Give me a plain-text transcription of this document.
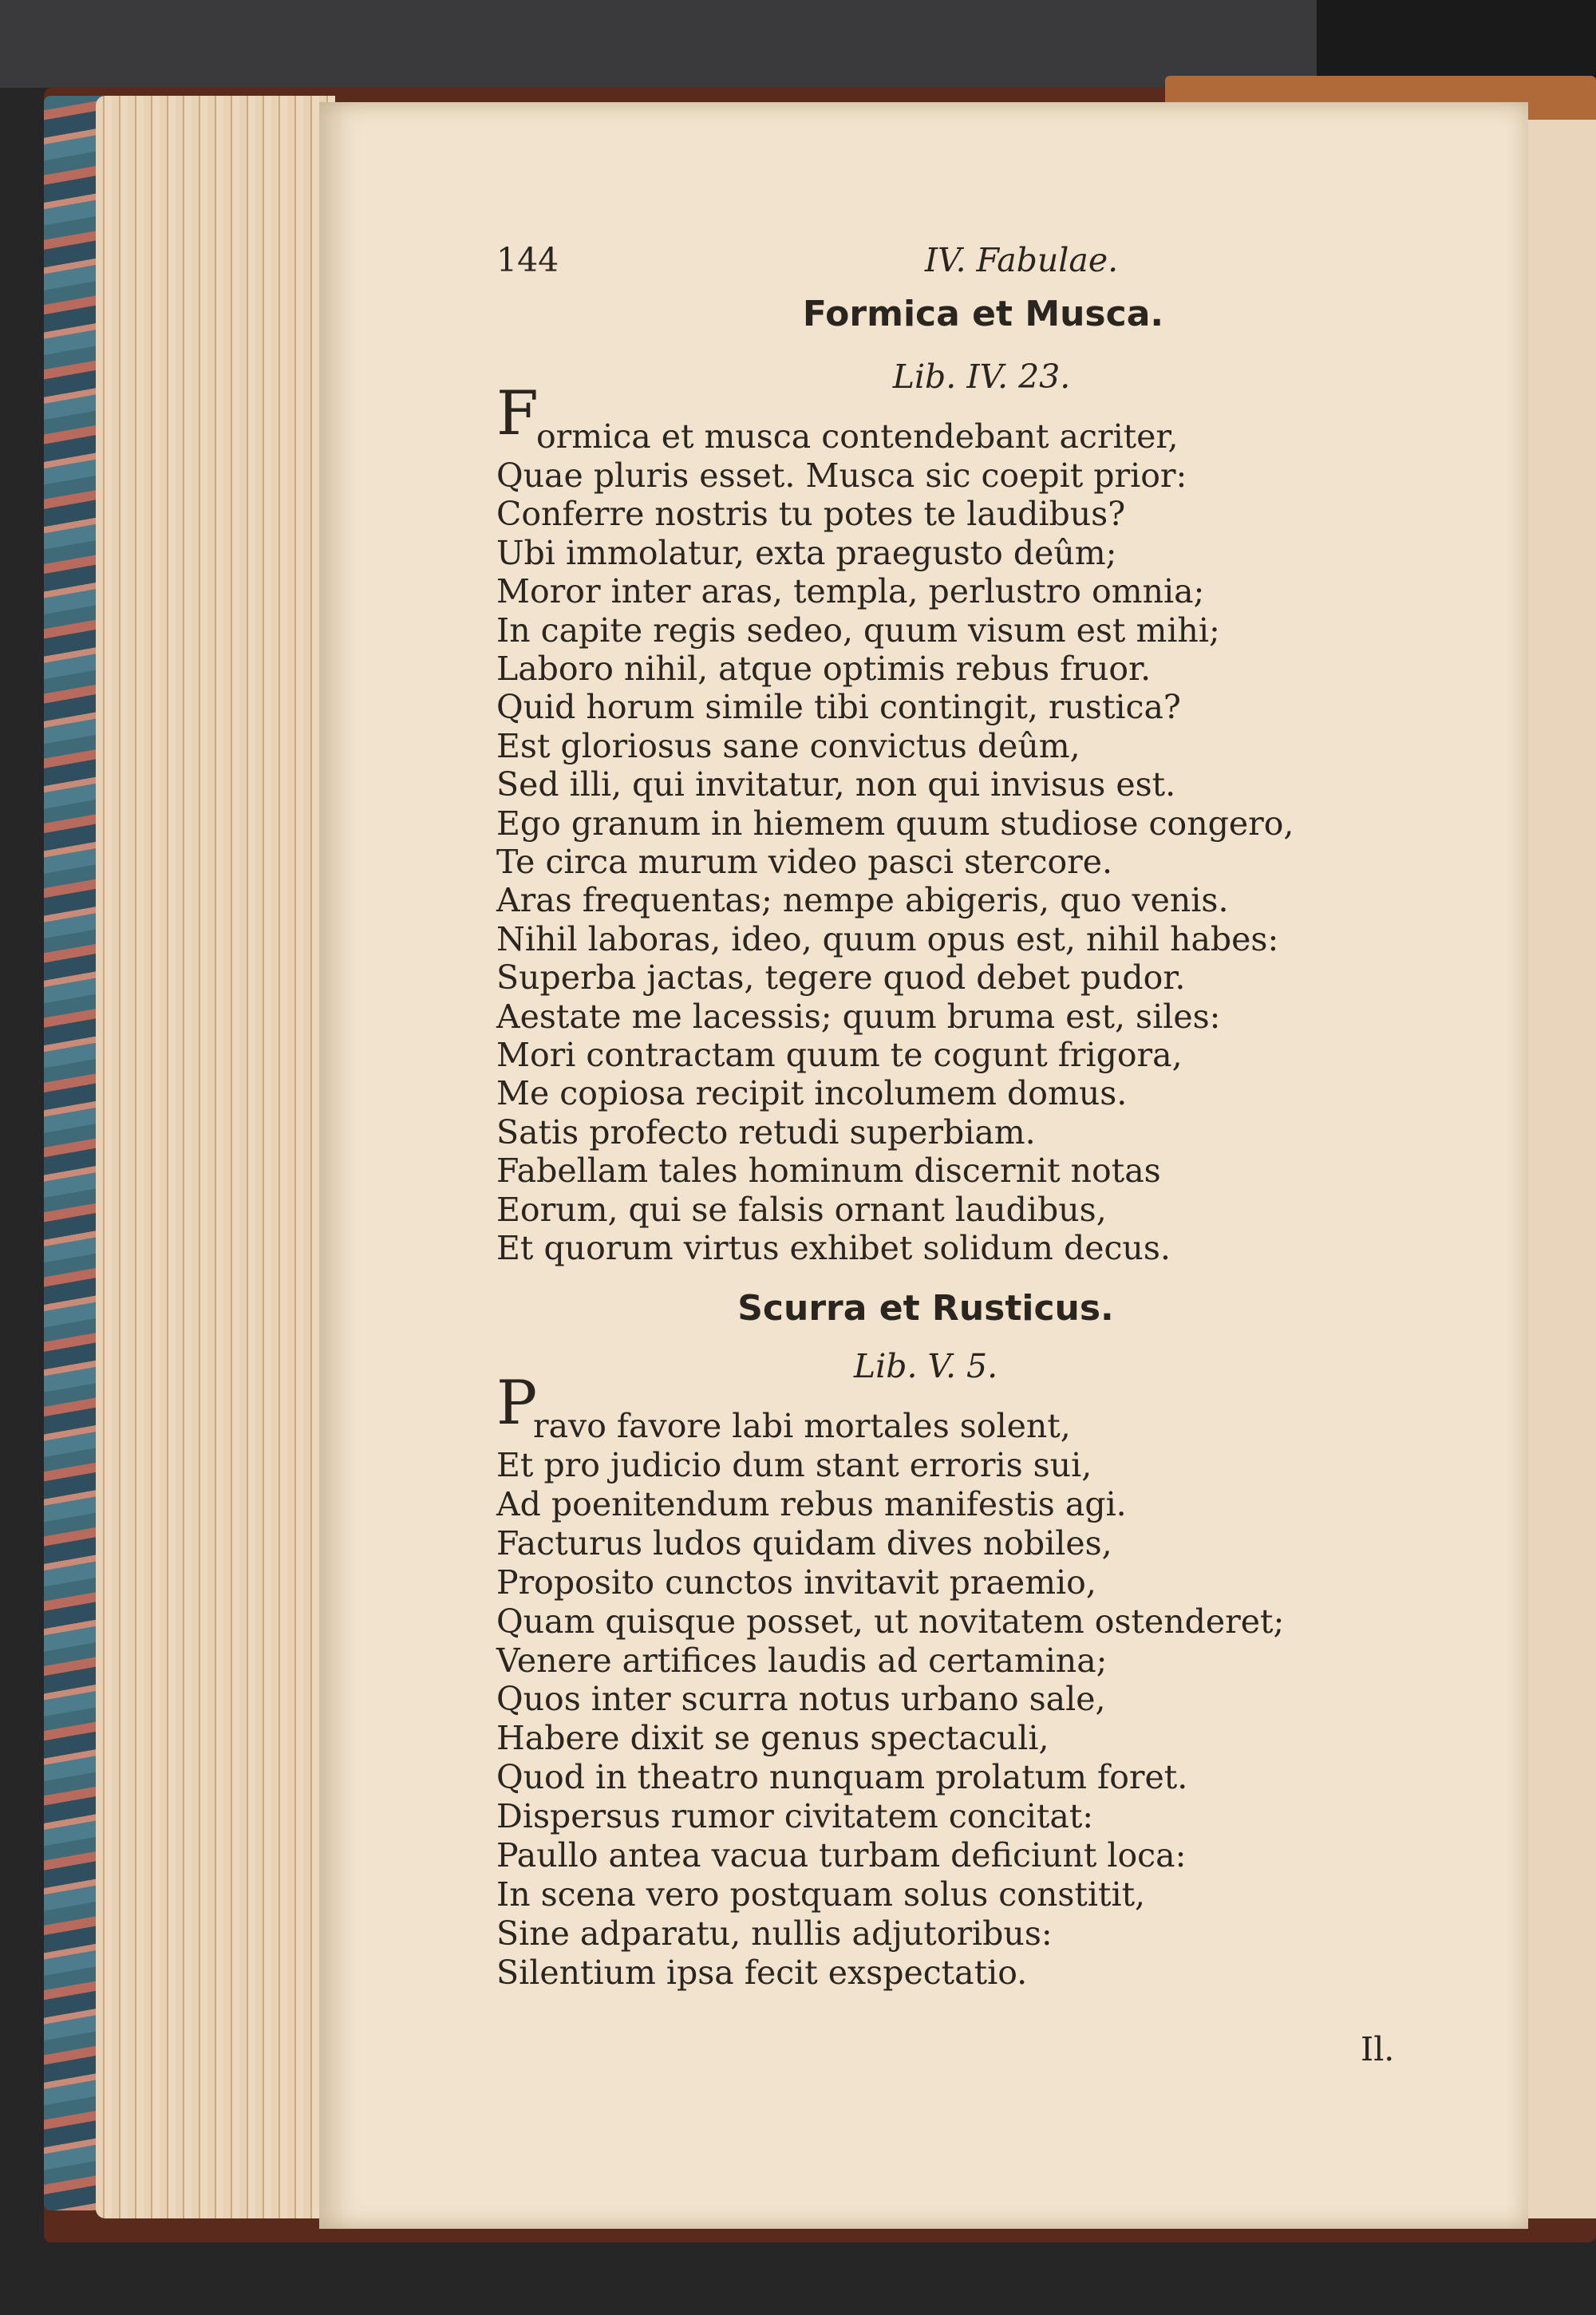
144	IV. Fabulae.
Formica et Musca.
Lib. IV. 23.
F
ormica et musca contendebant acriter,
Quae pluris esset. Musca sic coepit prior:
Conferre nostris tu potes te laudibus?
Ubi immolatur, exta praegusto deûm;
Moror inter aras, templa, perlustro omnia;
In capite regis sedeo, quum visum est mihi;
Laboro nihil, atque optimis rebus fruor.
Quid horum simile tibi contingit, rustica?
Est gloriosus sane convictus deûm,
Sed illi, qui invitatur, non qui invisus est.
Ego granum in hiemem quum studiose congero,
Te circa murum video pasci stercore.
Aras frequentas; nempe abigeris, quo venis.
Nihil laboras, ideo, quum opus est, nihil habes:
Superba jactas, tegere quod debet pudor.
Aestate me lacessis; quum bruma est, siles:
Mori contractam quum te cogunt frigora,
Me copiosa recipit incolumem domus.
Satis profecto retudi superbiam.
Fabellam tales hominum discernit notas
Eorum, qui se falsis ornant laudibus,
Et quorum virtus exhibet solidum decus.
Scurra et Rusticus.
Lib. V. 5.
P
ravo favore labi mortales solent,
Et pro judicio dum stant erroris sui,
Ad poenitendum rebus manifestis agi.
Facturus ludos quidam dives nobiles,
Proposito cunctos invitavit praemio,
Quam quisque posset, ut novitatem ostenderet;
Venere artifices laudis ad certamina;
Quos inter scurra notus urbano sale,
Habere dixit se genus spectaculi,
Quod in theatro nunquam prolatum foret.
Dispersus rumor civitatem concitat:
Paullo antea vacua turbam deficiunt loca:
In scena vero postquam solus constitit,
Sine adparatu, nullis adjutoribus:
Silentium ipsa fecit exspectatio.
Il.
